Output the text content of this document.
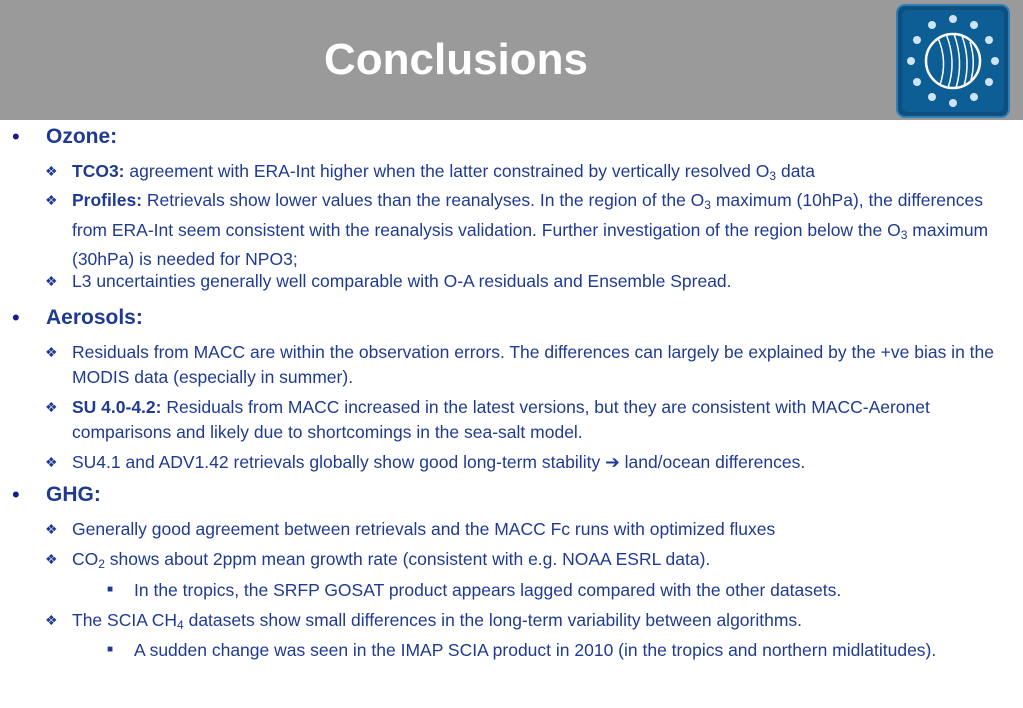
Conclusions
• Ozone:
❖ TCO3: agreement with ERA-Int higher when the latter constrained by vertically resolved $O_3$ data
❖ Profiles: Retrievals show lower values than the reanalyses. In the region of the $O_3$ maximum (10hPa), the differences from ERA-Int seem consistent with the reanalysis validation. Further investigation of the region below the $O_3$ maximum (30hPa) is needed for NPO3;
❖ L3 uncertainties generally well comparable with O-A residuals and Ensemble Spread.
• Aerosols:
❖ Residuals from MACC are within the observation errors. The differences can largely be explained by the +ve bias in the MODIS data (especially in summer).
❖ SU 4.0-4.2: Residuals from MACC increased in the latest versions, but they are consistent with MACC-Aeronet comparisons and likely due to shortcomings in the sea-salt model.
❖ SU4.1 and ADV1.42 retrievals globally show good long-term stability ➔ land/ocean differences.
• GHG:
❖ Generally good agreement between retrievals and the MACC Fc runs with optimized fluxes
❖ $CO_2$ shows about 2ppm mean growth rate (consistent with e.g. NOAA ESRL data).
■ In the tropics, the SRFP GOSAT product appears lagged compared with the other datasets.
❖ The SCIA $CH_4$ datasets show small differences in the long-term variability between algorithms.
■ A sudden change was seen in the IMAP SCIA product in 2010 (in the tropics and northern midlatitudes).
